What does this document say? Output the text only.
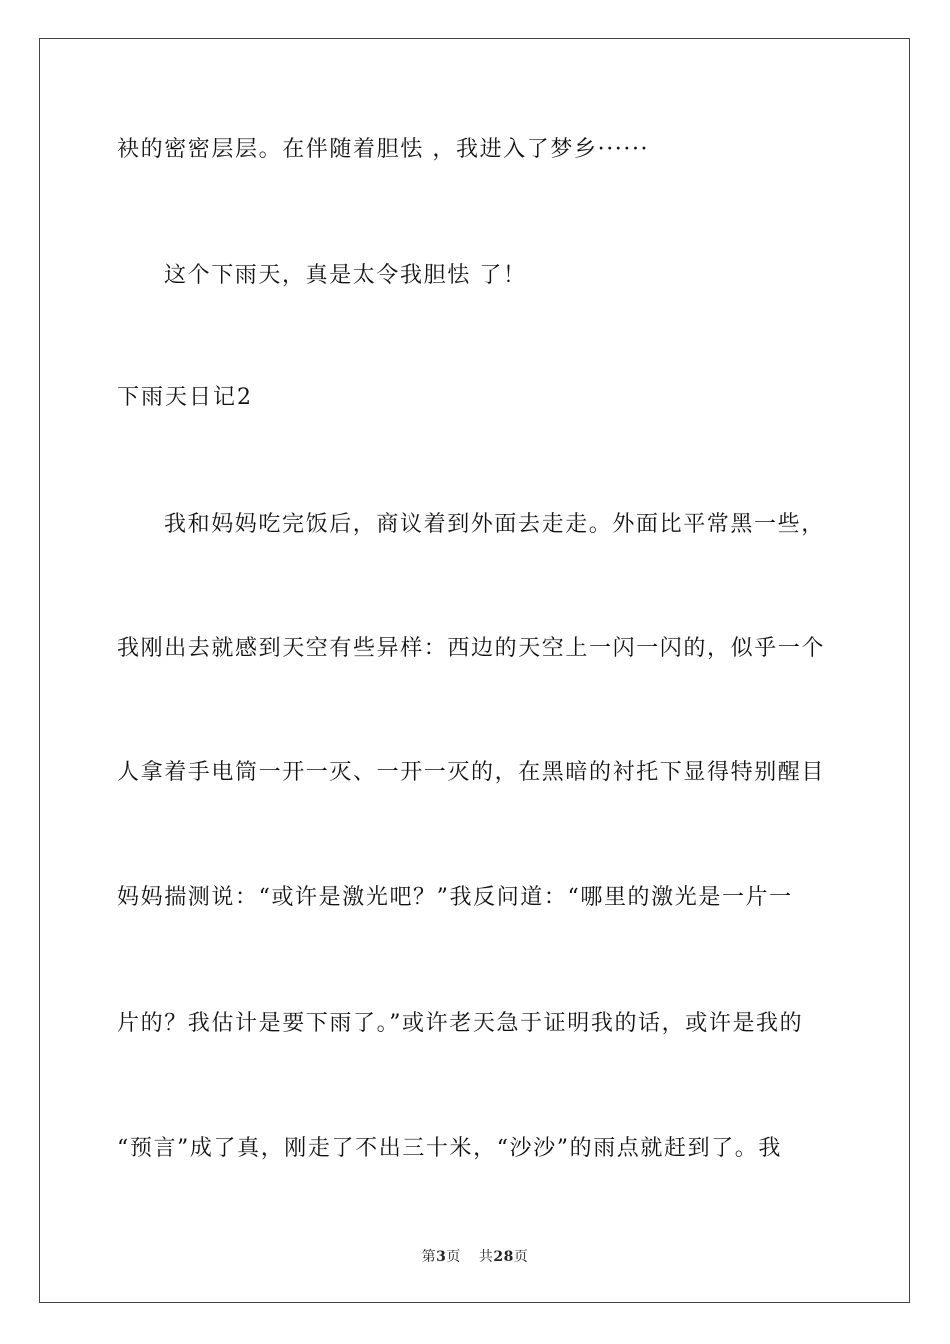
袂的密密层层。在伴随着胆怯 ，我进入了梦乡······
这个下雨天，真是太令我胆怯 了！
下雨天日记2
我和妈妈吃完饭后，商议着到外面去走走。外面比平常黑一些，
我刚出去就感到天空有些异样：西边的天空上一闪一闪的，似乎一个
人拿着手电筒一开一灭、一开一灭的，在黑暗的衬托下显得特别醒目
妈妈揣测说：“或许是激光吧？”我反问道：“哪里的激光是一片一
片的？我估计是要下雨了。”或许老天急于证明我的话，或许是我的
“预言”成了真，刚走了不出三十米，“沙沙”的雨点就赶到了。我
第3页 共28页
